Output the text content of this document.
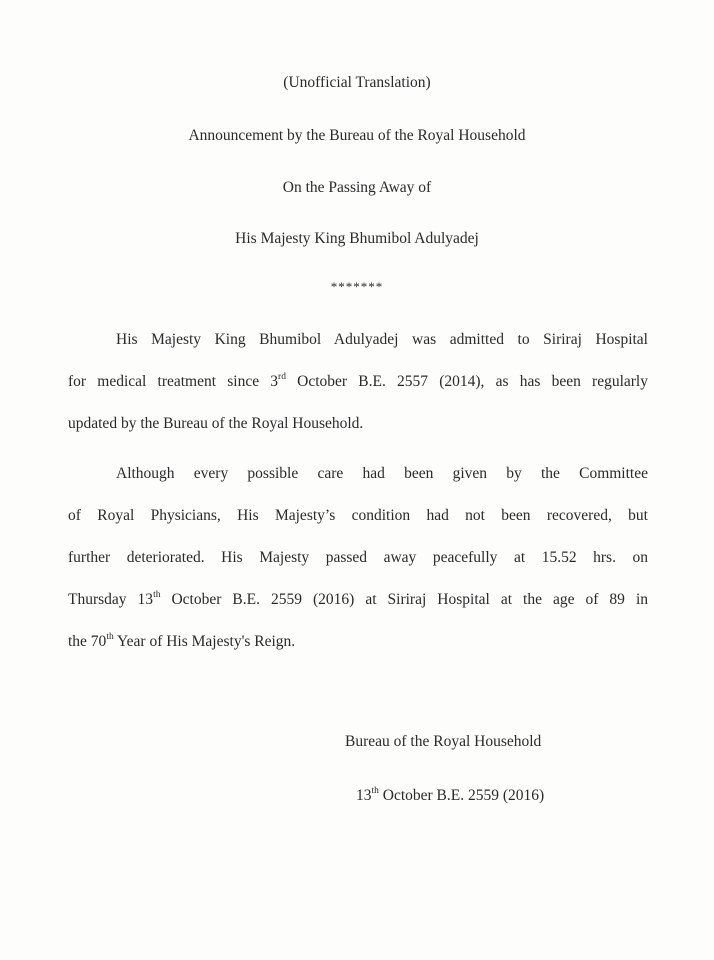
(Unofficial Translation)
Announcement by the Bureau of the Royal Household
On the Passing Away of
His Majesty King Bhumibol Adulyadej
*******
His Majesty King Bhumibol Adulyadej was admitted to Siriraj Hospital
for medical treatment since 3rd October B.E. 2557 (2014), as has been regularly
updated by the Bureau of the Royal Household.
Although every possible care had been given by the Committee
of Royal Physicians, His Majesty’s condition had not been recovered, but
further deteriorated. His Majesty passed away peacefully at 15.52 hrs. on
Thursday 13th October B.E. 2559 (2016) at Siriraj Hospital at the age of 89 in
the 70th Year of His Majesty's Reign.
Bureau of the Royal Household
13th October B.E. 2559 (2016)
